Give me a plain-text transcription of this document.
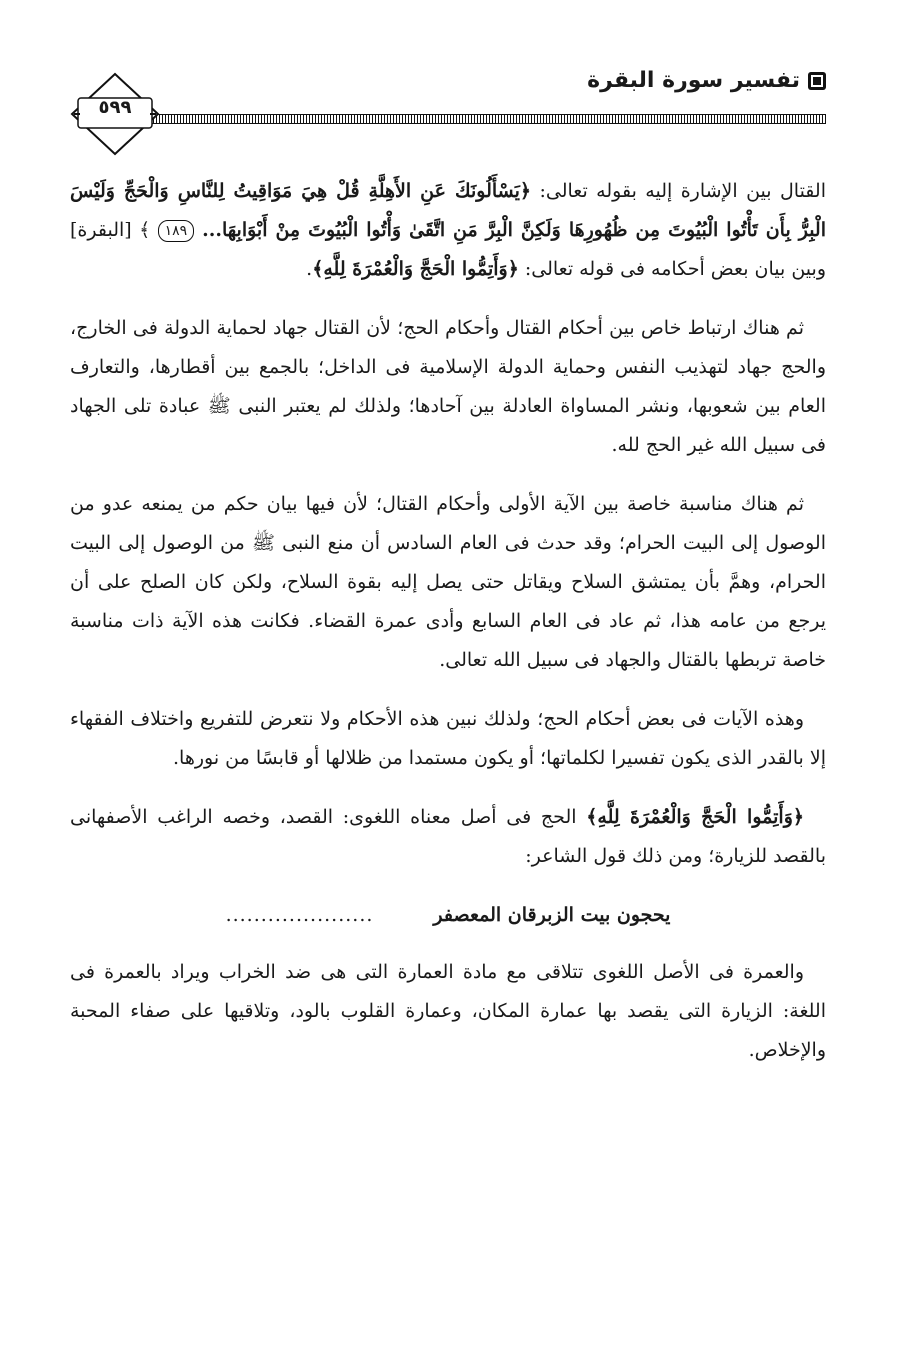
تفسير سورة البقرة
٥٩٩

القتال بين الإشارة إليه بقوله تعالى: ﴿يَسْأَلُونَكَ عَنِ الأَهِلَّةِ قُلْ هِيَ مَوَاقِيتُ لِلنَّاسِ وَالْحَجِّ وَلَيْسَ الْبِرُّ بِأَن تَأْتُوا الْبُيُوتَ مِن ظُهُورِهَا وَلَكِنَّ الْبِرَّ مَنِ اتَّقَىٰ وَأْتُوا الْبُيُوتَ مِنْ أَبْوَابِهَا... ١٨٩ ﴾ [البقرة] وبين بيان بعض أحكامه فى قوله تعالى: ﴿وَأَتِمُّوا الْحَجَّ وَالْعُمْرَةَ لِلَّهِ﴾.

ثم هناك ارتباط خاص بين أحكام القتال وأحكام الحج؛ لأن القتال جهاد لحماية الدولة فى الخارج، والحج جهاد لتهذيب النفس وحماية الدولة الإسلامية فى الداخل؛ بالجمع بين أقطارها، والتعارف العام بين شعوبها، ونشر المساواة العادلة بين آحادها؛ ولذلك لم يعتبر النبى ﷺ عبادة تلى الجهاد فى سبيل الله غير الحج لله.

ثم هناك مناسبة خاصة بين الآية الأولى وأحكام القتال؛ لأن فيها بيان حكم من يمنعه عدو من الوصول إلى البيت الحرام؛ وقد حدث فى العام السادس أن منع النبى ﷺ من الوصول إلى البيت الحرام، وهمَّ بأن يمتشق السلاح ويقاتل حتى يصل إليه بقوة السلاح، ولكن كان الصلح على أن يرجع من عامه هذا، ثم عاد فى العام السابع وأدى عمرة القضاء. فكانت هذه الآية ذات مناسبة خاصة تربطها بالقتال والجهاد فى سبيل الله تعالى.

وهذه الآيات فى بعض أحكام الحج؛ ولذلك نبين هذه الأحكام ولا نتعرض للتفريع واختلاف الفقهاء إلا بالقدر الذى يكون تفسيرا لكلماتها؛ أو يكون مستمدا من ظلالها أو قابسًا من نورها.

﴿وَأَتِمُّوا الْحَجَّ وَالْعُمْرَةَ لِلَّهِ﴾ الحج فى أصل معناه اللغوى: القصد، وخصه الراغب الأصفهانى بالقصد للزيارة؛ ومن ذلك قول الشاعر:

يحجون بيت الزبرقان المعصفر
.....................

والعمرة فى الأصل اللغوى تتلاقى مع مادة العمارة التى هى ضد الخراب ويراد بالعمرة فى اللغة: الزيارة التى يقصد بها عمارة المكان، وعمارة القلوب بالود، وتلاقيها على صفاء المحبة والإخلاص.
